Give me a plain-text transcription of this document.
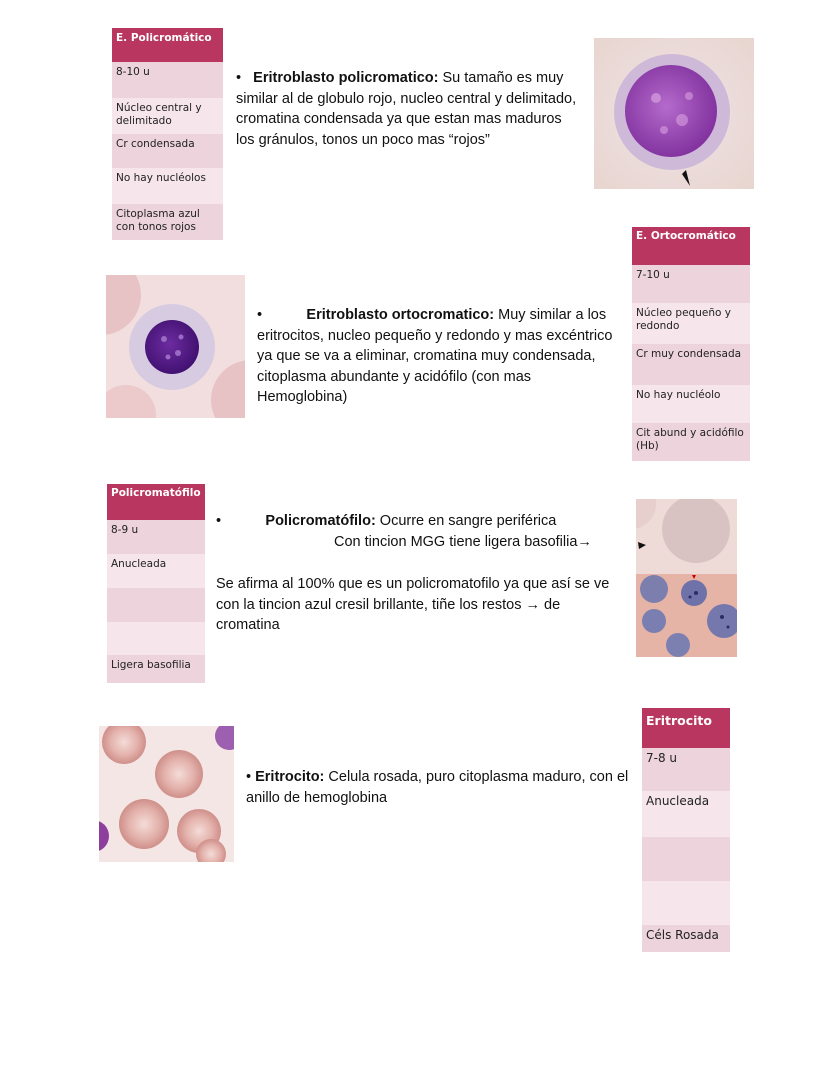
E. Policromático
8-10 u
Núcleo central y delimitado
Cr condensada
No hay nucléolos
Citoplasma azul con tonos rojos
• Eritroblasto policromatico: Su tamaño es muy similar al de globulo rojo, nucleo central y delimitado, cromatina condensada ya que estan mas maduros los gránulos, tonos un poco mas “rojos”
E. Ortocromático
7-10 u
Núcleo pequeño y redondo
Cr muy condensada
No hay nucléolo
Cit abund y acidófilo (Hb)
•	Eritroblasto ortocromatico: Muy similar a los eritrocitos, nucleo pequeño y redondo y mas excéntrico ya que se va a eliminar, cromatina muy condensada, citoplasma abundante y acidófilo (con mas Hemoglobina)
Policromatófilo
8-9 u
Anucleada
Ligera basofilia
•	Policromatófilo: Ocurre en sangre periférica
Con tincion MGG tiene ligera basofilia→
Se afirma al 100% que es un policromatofilo ya que así se ve con la tincion azul cresil brillante, tiñe los restos → de cromatina
• Eritrocito: Celula rosada, puro citoplasma maduro, con el anillo de hemoglobina
Eritrocito
7-8 u
Anucleada
Céls Rosada
